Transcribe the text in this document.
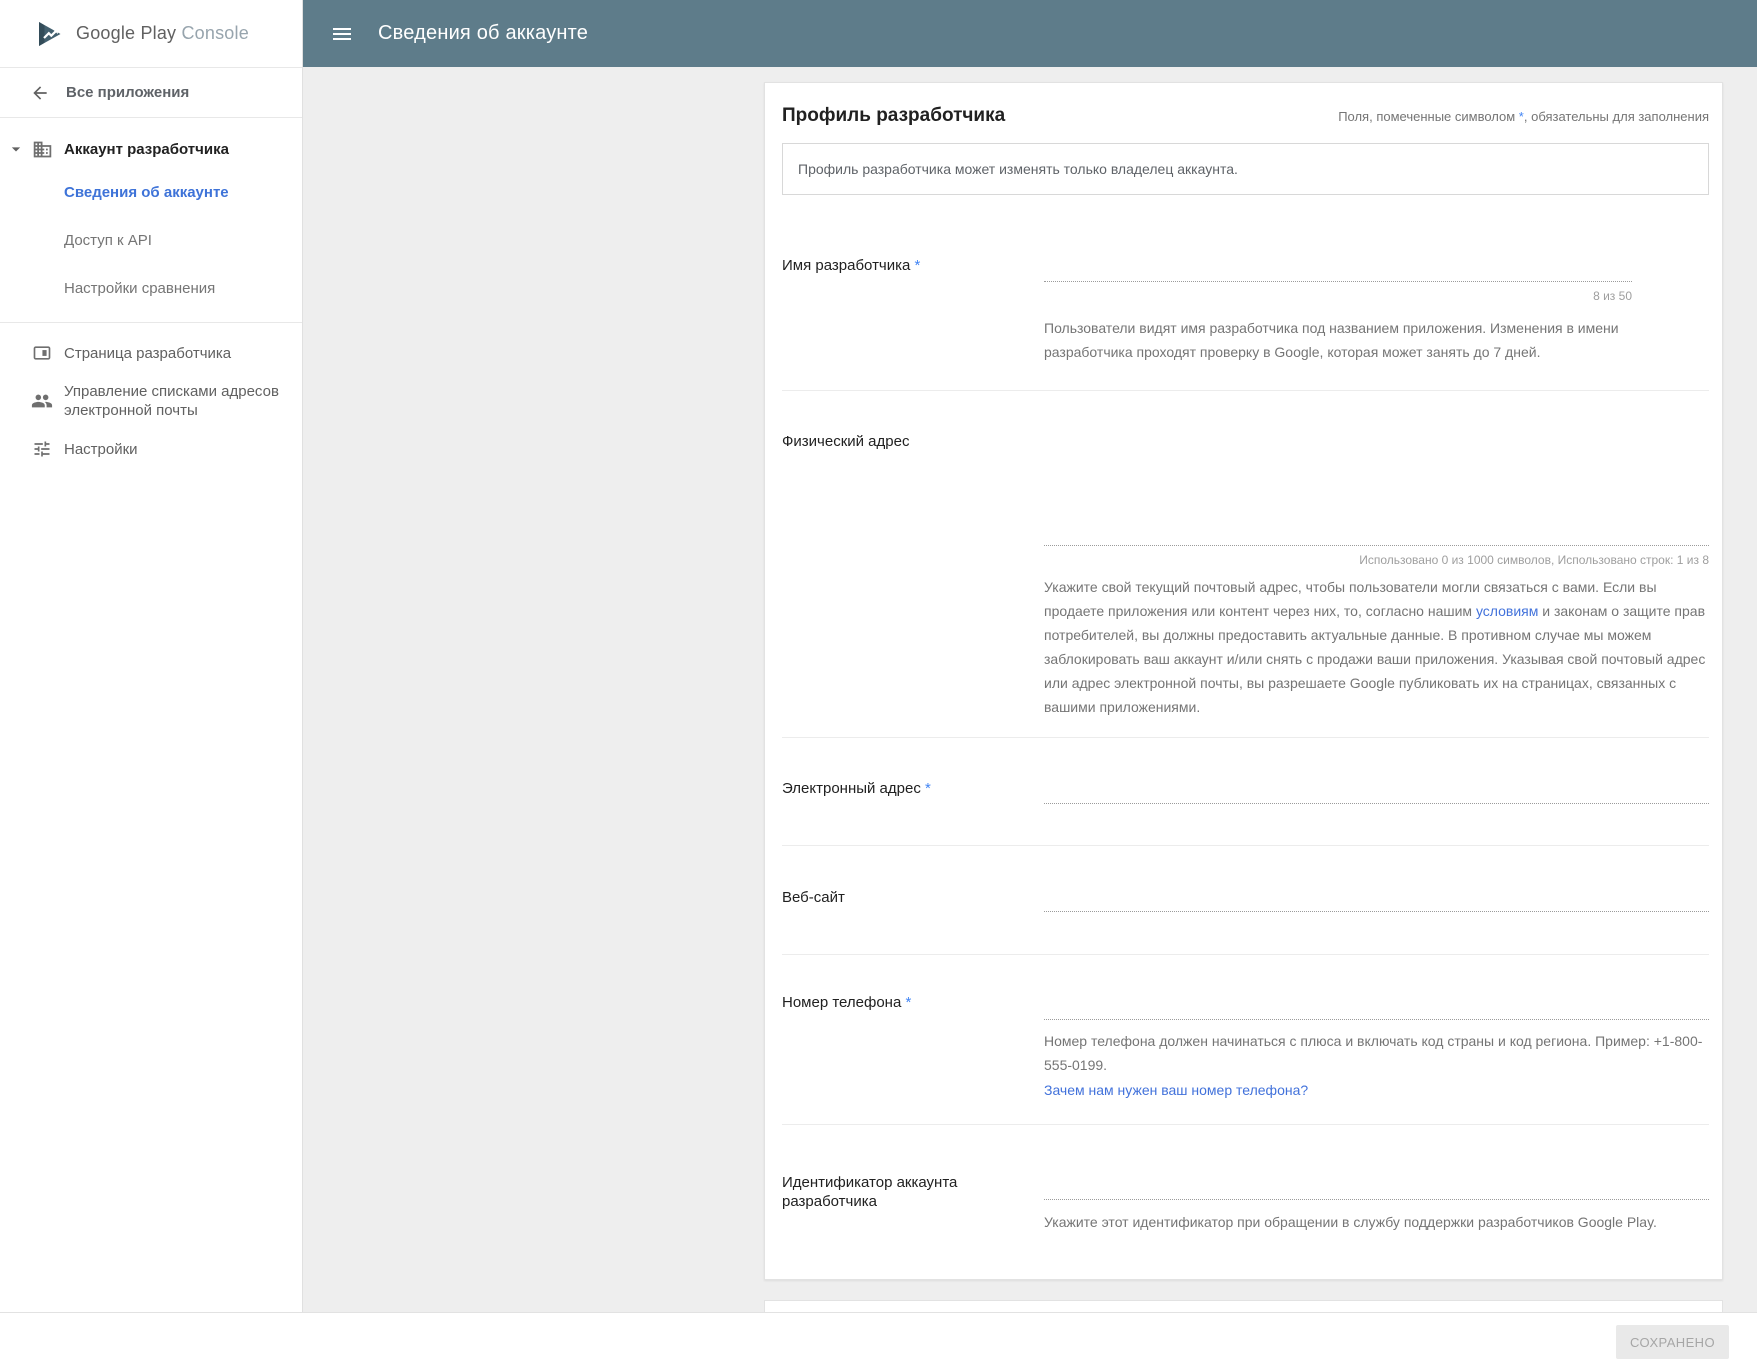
Google Play Console
Все приложения
Аккаунт разработчика
Сведения об аккаунте
Доступ к API
Настройки сравнения
Страница разработчика
Управление списками адресов электронной почты
Настройки
Сведения об аккаунте
Профиль разработчика	Поля, помеченные символом *, обязательны для заполнения
Профиль разработчика может изменять только владелец аккаунта.
Имя разработчика *
8 из 50
Пользователи видят имя разработчика под названием приложения. Изменения в имени разработчика проходят проверку в Google, которая может занять до 7 дней.
Физический адрес
Использовано 0 из 1000 символов, Использовано строк: 1 из 8
Укажите свой текущий почтовый адрес, чтобы пользователи могли связаться с вами. Если вы продаете приложения или контент через них, то, согласно нашим условиям и законам о защите прав потребителей, вы должны предоставить актуальные данные. В противном случае мы можем заблокировать ваш аккаунт и/или снять с продажи ваши приложения. Указывая свой почтовый адрес или адрес электронной почты, вы разрешаете Google публиковать их на страницах, связанных с вашими приложениями.
Электронный адрес *
Веб-сайт
Номер телефона *
Номер телефона должен начинаться с плюса и включать код страны и код региона. Пример: +1-800-555-0199.
Зачем нам нужен ваш номер телефона?
Идентификатор аккаунта разработчика
Укажите этот идентификатор при обращении в службу поддержки разработчиков Google Play.
СОХРАНЕНО
